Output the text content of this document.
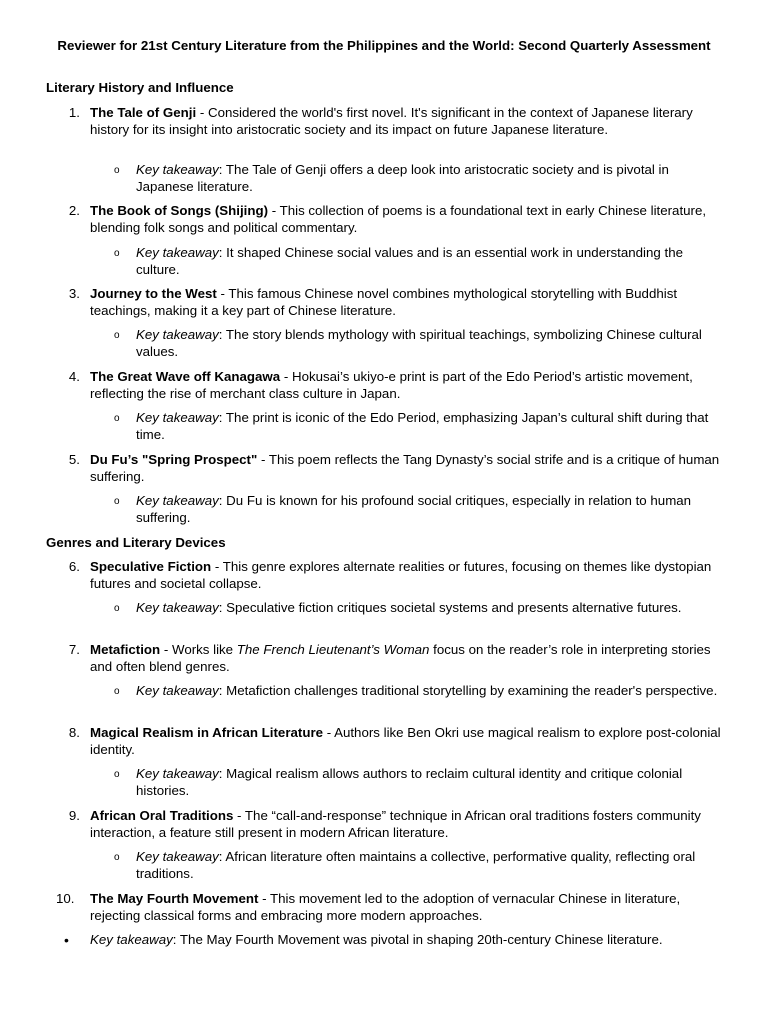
Reviewer for 21st Century Literature from the Philippines and the World: Second Quarterly Assessment
Literary History and Influence
1. The Tale of Genji - Considered the world's first novel. It's significant in the context of Japanese literary history for its insight into aristocratic society and its impact on future Japanese literature.
o Key takeaway: The Tale of Genji offers a deep look into aristocratic society and is pivotal in Japanese literature.
2. The Book of Songs (Shijing) - This collection of poems is a foundational text in early Chinese literature, blending folk songs and political commentary.
o Key takeaway: It shaped Chinese social values and is an essential work in understanding the culture.
3. Journey to the West - This famous Chinese novel combines mythological storytelling with Buddhist teachings, making it a key part of Chinese literature.
o Key takeaway: The story blends mythology with spiritual teachings, symbolizing Chinese cultural values.
4. The Great Wave off Kanagawa - Hokusai’s ukiyo-e print is part of the Edo Period’s artistic movement, reflecting the rise of merchant class culture in Japan.
o Key takeaway: The print is iconic of the Edo Period, emphasizing Japan’s cultural shift during that time.
5. Du Fu’s "Spring Prospect" - This poem reflects the Tang Dynasty’s social strife and is a critique of human suffering.
o Key takeaway: Du Fu is known for his profound social critiques, especially in relation to human suffering.
Genres and Literary Devices
6. Speculative Fiction - This genre explores alternate realities or futures, focusing on themes like dystopian futures and societal collapse.
o Key takeaway: Speculative fiction critiques societal systems and presents alternative futures.
7. Metafiction - Works like The French Lieutenant’s Woman focus on the reader’s role in interpreting stories and often blend genres.
o Key takeaway: Metafiction challenges traditional storytelling by examining the reader's perspective.
8. Magical Realism in African Literature - Authors like Ben Okri use magical realism to explore post-colonial identity.
o Key takeaway: Magical realism allows authors to reclaim cultural identity and critique colonial histories.
9. African Oral Traditions - The “call-and-response” technique in African oral traditions fosters community interaction, a feature still present in modern African literature.
o Key takeaway: African literature often maintains a collective, performative quality, reflecting oral traditions.
10.	The May Fourth Movement - This movement led to the adoption of vernacular Chinese in literature, rejecting classical forms and embracing more modern approaches.
• Key takeaway: The May Fourth Movement was pivotal in shaping 20th-century Chinese literature.
